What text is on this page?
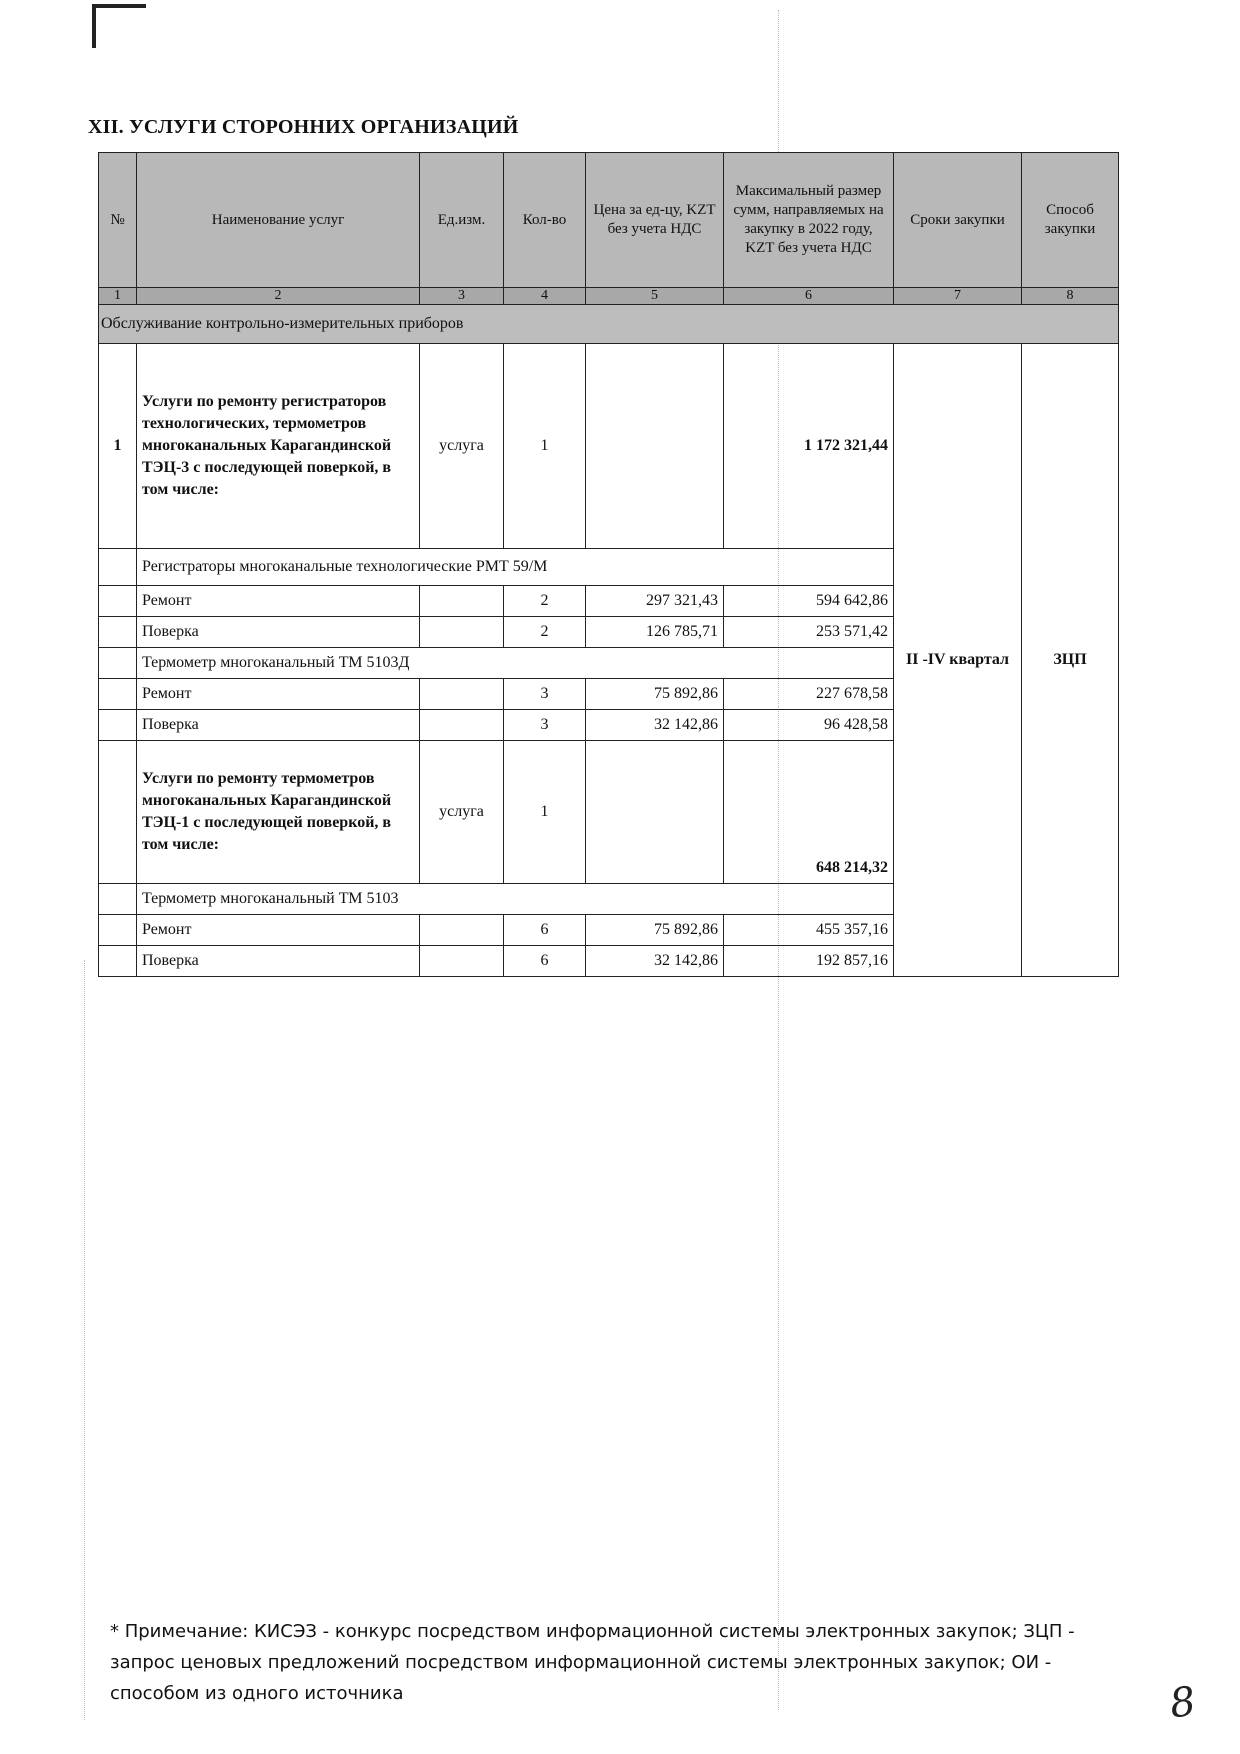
XII. УСЛУГИ СТОРОННИХ ОРГАНИЗАЦИЙ
№	Наименование услуг	Ед.изм.	Кол-во	Цена за ед-цу, KZT без учета НДС	Максимальный размер сумм, направляемых на закупку в 2022 году, KZT без учета НДС	Сроки закупки	Способ закупки
1	2	3	4	5	6	7	8
Обслуживание контрольно-измерительных приборов							
1	Услуги по ремонту регистраторов технологических, термометров многоканальных Карагандинской ТЭЦ-3 с последующей поверкой, в том числе:	услуга	1		1 172 321,44	II -IV квартал	ЗЦП
	Регистраторы многоканальные технологические РМТ 59/М						
	Ремонт		2	297 321,43	594 642,86		
	Поверка		2	126 785,71	253 571,42		
	Термометр многоканальный ТМ 5103Д						
	Ремонт		3	75 892,86	227 678,58		
	Поверка		3	32 142,86	96 428,58		
	Услуги по ремонту термометров многоканальных Карагандинской ТЭЦ-1 с последующей поверкой, в том числе:	услуга	1		648 214,32		
	Термометр многоканальный ТМ 5103						
	Ремонт		6	75 892,86	455 357,16		
	Поверка		6	32 142,86	192 857,16		

* Примечание: КИСЭЗ - конкурс посредством информационной системы электронных закупок; ЗЦП - запрос ценовых предложений посредством информационной системы электронных закупок; ОИ - способом из одного источника	8
